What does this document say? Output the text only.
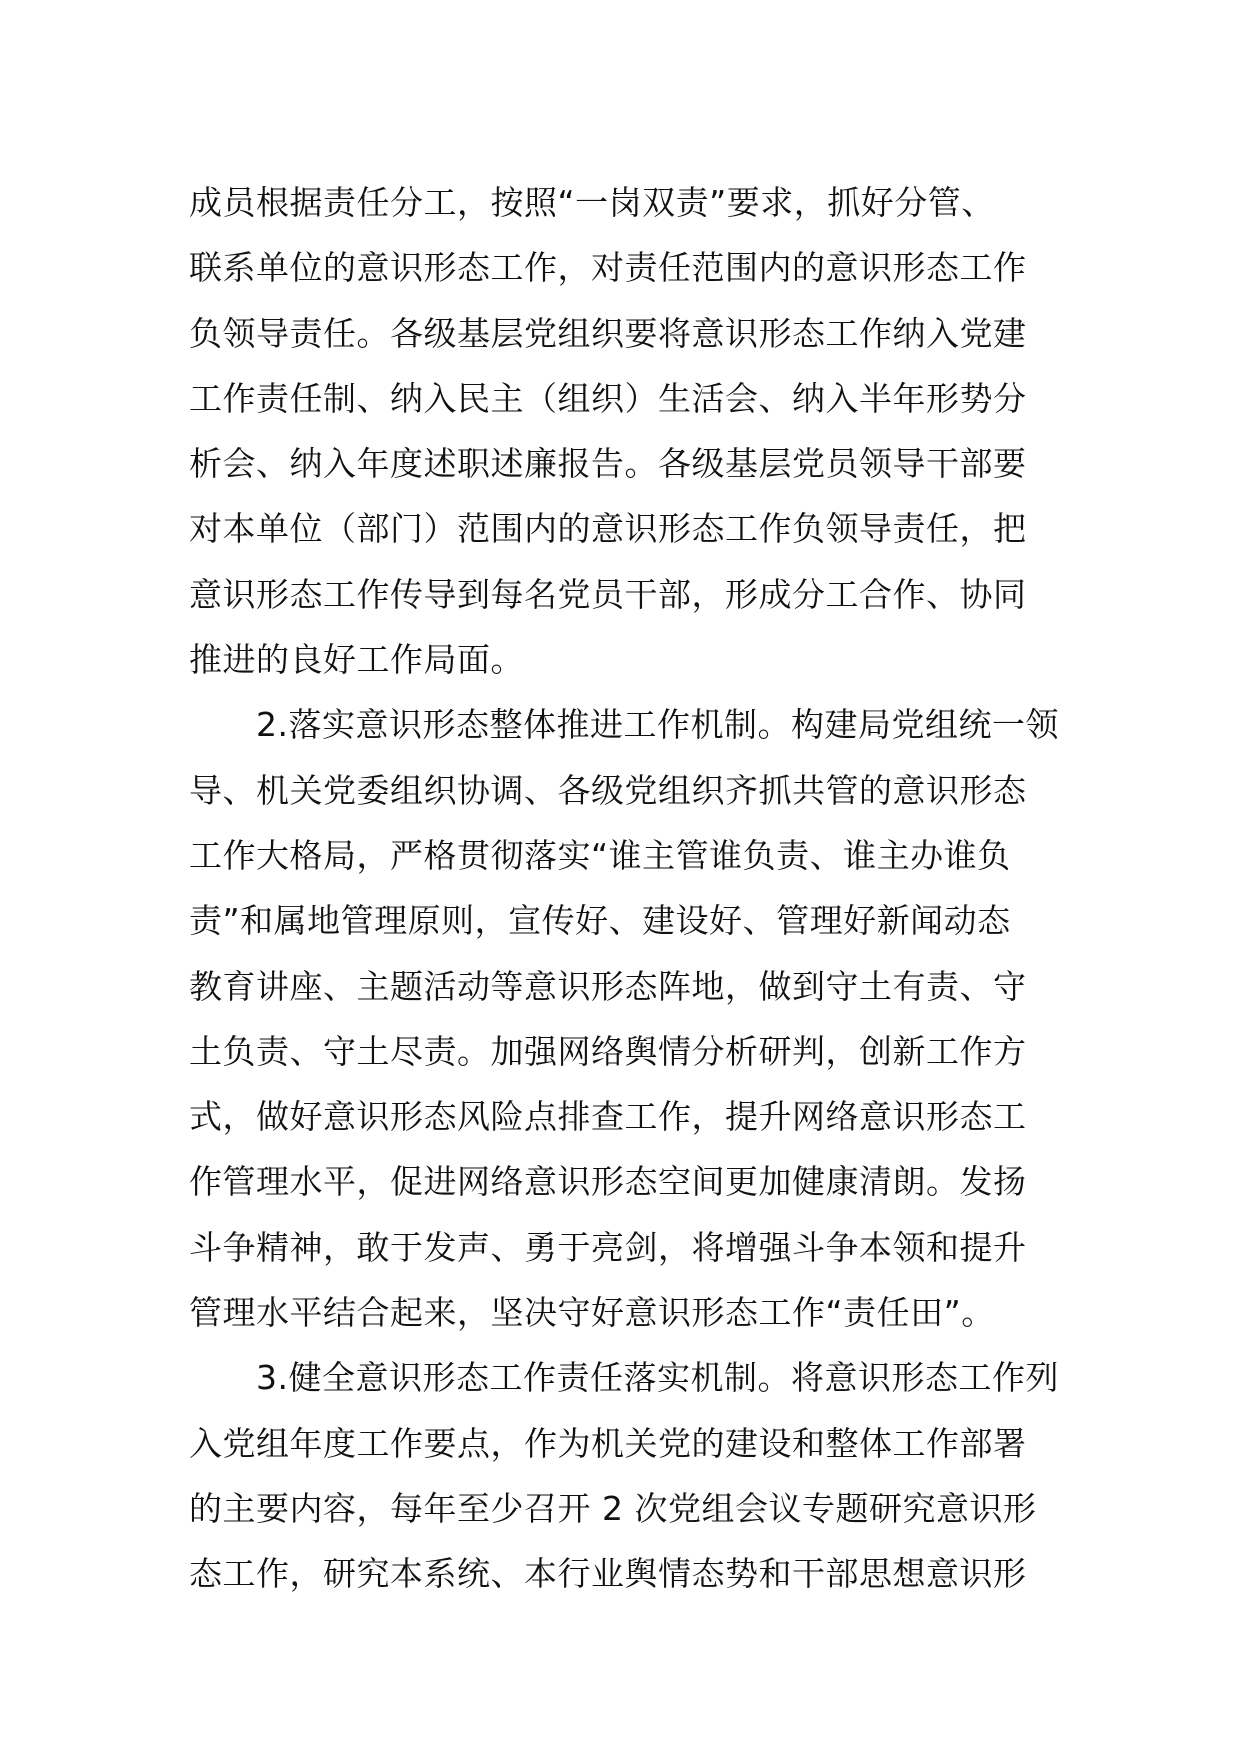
成员根据责任分工，按照“一岗双责”要求，抓好分管、
联系单位的意识形态工作，对责任范围内的意识形态工作
负领导责任。各级基层党组织要将意识形态工作纳入党建
工作责任制、纳入民主（组织）生活会、纳入半年形势分
析会、纳入年度述职述廉报告。各级基层党员领导干部要
对本单位（部门）范围内的意识形态工作负领导责任，把
意识形态工作传导到每名党员干部，形成分工合作、协同
推进的良好工作局面。
2.落实意识形态整体推进工作机制。构建局党组统一领
导、机关党委组织协调、各级党组织齐抓共管的意识形态
工作大格局，严格贯彻落实“谁主管谁负责、谁主办谁负
责”和属地管理原则，宣传好、建设好、管理好新闻动态
教育讲座、主题活动等意识形态阵地，做到守土有责、守
土负责、守土尽责。加强网络舆情分析研判，创新工作方
式，做好意识形态风险点排查工作，提升网络意识形态工
作管理水平，促进网络意识形态空间更加健康清朗。发扬
斗争精神，敢于发声、勇于亮剑，将增强斗争本领和提升
管理水平结合起来，坚决守好意识形态工作“责任田”。
3.健全意识形态工作责任落实机制。将意识形态工作列
入党组年度工作要点，作为机关党的建设和整体工作部署
的主要内容，每年至少召开 2 次党组会议专题研究意识形
态工作，研究本系统、本行业舆情态势和干部思想意识形
